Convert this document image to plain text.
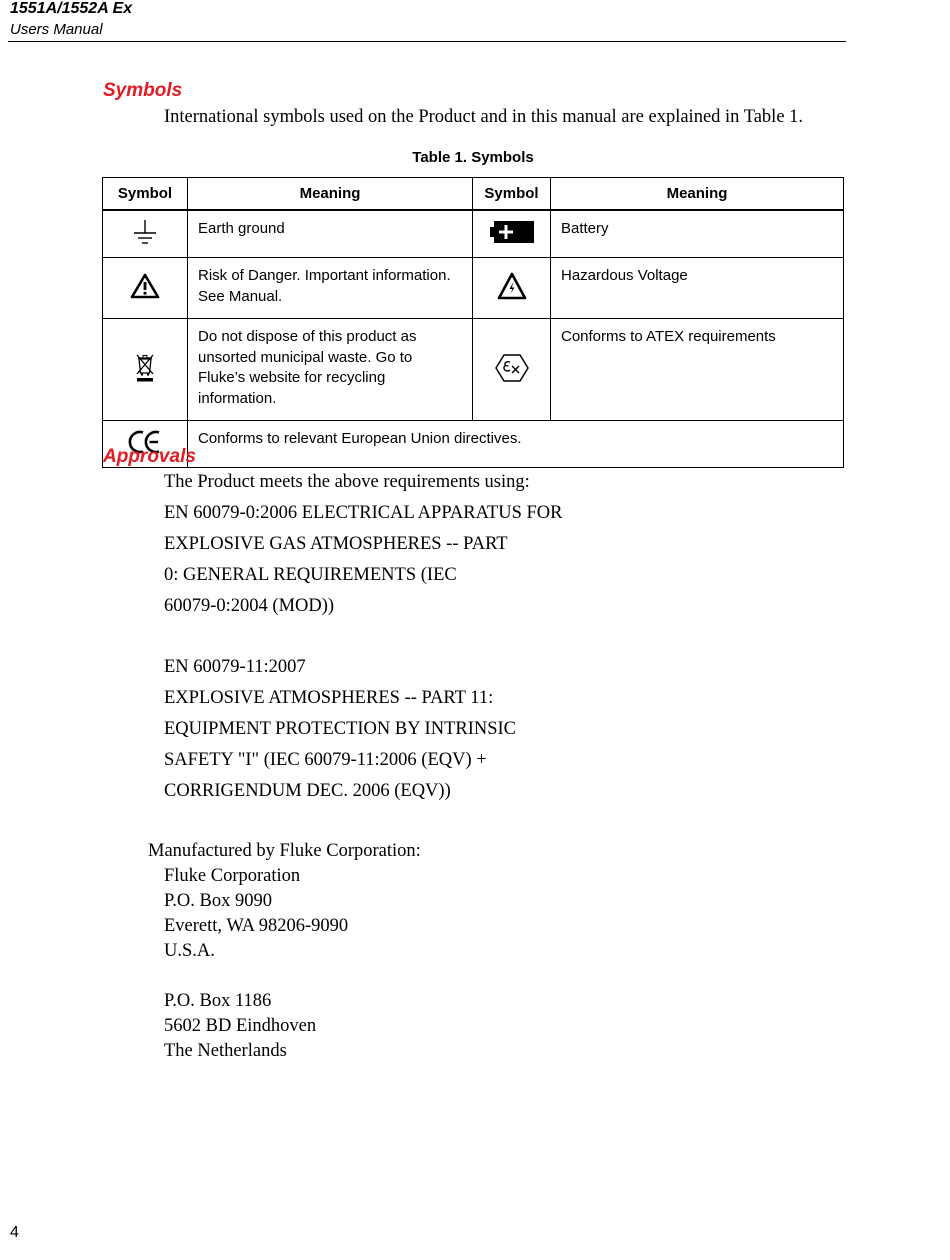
1551A/1552A Ex
Users Manual
Symbols
International symbols used on the Product and in this manual are explained in Table 1.
Table 1. Symbols
Symbol	Meaning	Symbol	Meaning
	Earth ground		Battery
	Risk of Danger. Important information. See Manual.		Hazardous Voltage
	Do not dispose of this product as unsorted municipal waste. Go to Fluke’s website for recycling information.		Conforms to ATEX requirements
	Conforms to relevant European Union directives.		
Approvals
The Product meets the above requirements using:
EN 60079-0:2006 ELECTRICAL APPARATUS FOR
EXPLOSIVE GAS ATMOSPHERES -- PART
0: GENERAL REQUIREMENTS (IEC
60079-0:2004 (MOD))
EN 60079-11:2007
EXPLOSIVE ATMOSPHERES -- PART 11:
EQUIPMENT PROTECTION BY INTRINSIC
SAFETY "I" (IEC 60079-11:2006 (EQV) +
CORRIGENDUM DEC. 2006 (EQV))
Manufactured by Fluke Corporation:
Fluke Corporation
P.O. Box 9090
Everett, WA 98206-9090
U.S.A.
P.O. Box 1186
5602 BD Eindhoven
The Netherlands
4
